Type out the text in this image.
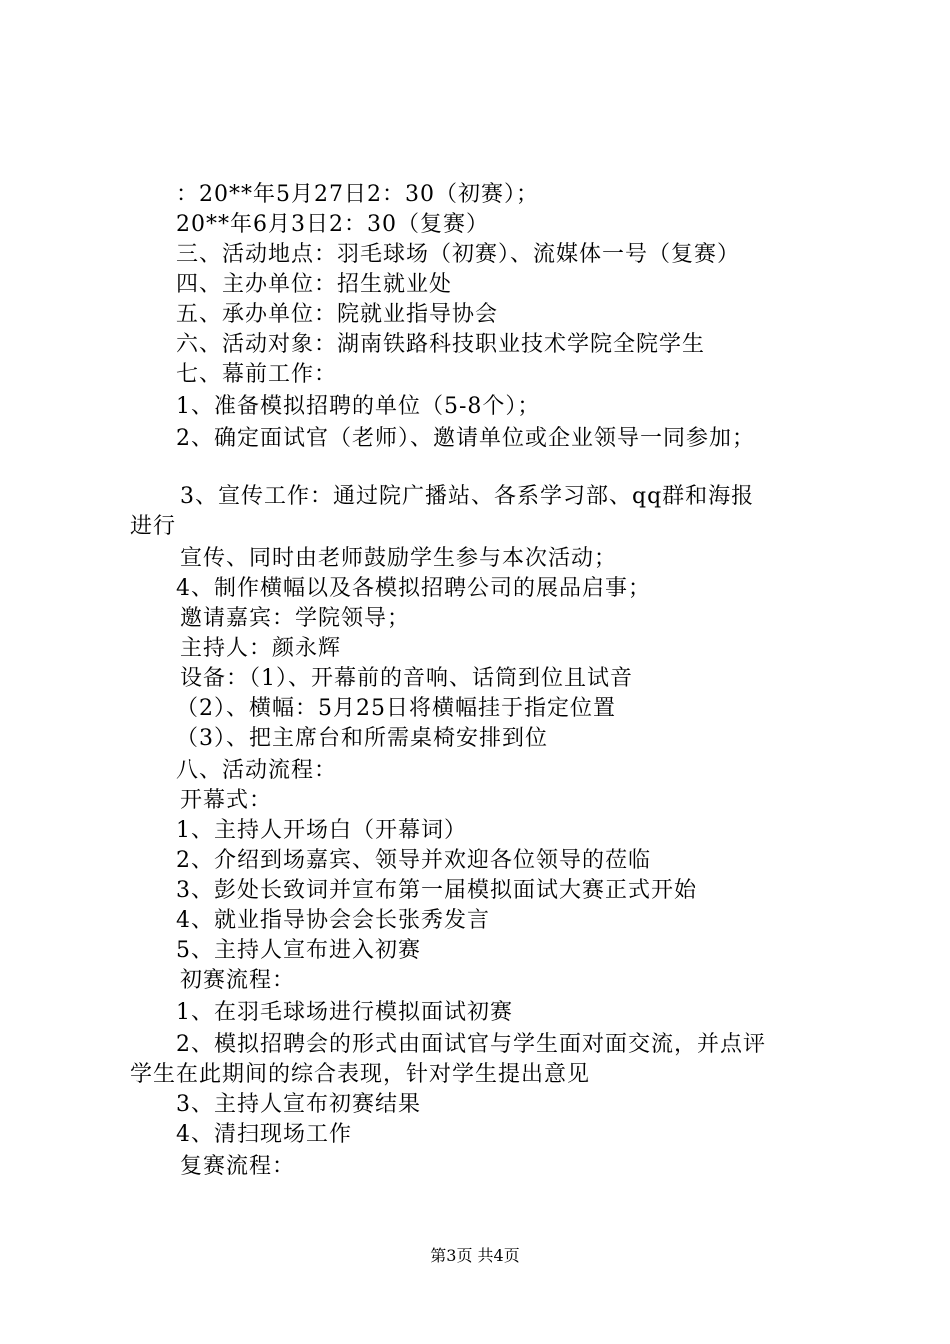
：20**年5月27日2：30（初赛）；
20**年6月3日2：30（复赛）
三、活动地点：羽毛球场（初赛）、流媒体一号（复赛）
四、主办单位：招生就业处
五、承办单位：院就业指导协会
六、活动对象：湖南铁路科技职业技术学院全院学生
七、幕前工作：
1、准备模拟招聘的单位（5-8个）；
2、确定面试官（老师）、邀请单位或企业领导一同参加；
3、宣传工作：通过院广播站、各系学习部、qq群和海报
进行
宣传、同时由老师鼓励学生参与本次活动；
4、制作横幅以及各模拟招聘公司的展品启事；
邀请嘉宾：学院领导；
主持人：颜永辉
设备：（1）、开幕前的音响、话筒到位且试音
（2）、横幅：5月25日将横幅挂于指定位置
（3）、把主席台和所需桌椅安排到位
八、活动流程：
开幕式：
1、主持人开场白（开幕词）
2、介绍到场嘉宾、领导并欢迎各位领导的莅临
3、彭处长致词并宣布第一届模拟面试大赛正式开始
4、就业指导协会会长张秀发言
5、主持人宣布进入初赛
初赛流程：
1、在羽毛球场进行模拟面试初赛
2、模拟招聘会的形式由面试官与学生面对面交流，并点评
学生在此期间的综合表现，针对学生提出意见
3、主持人宣布初赛结果
4、清扫现场工作
复赛流程：
第3页 共4页
